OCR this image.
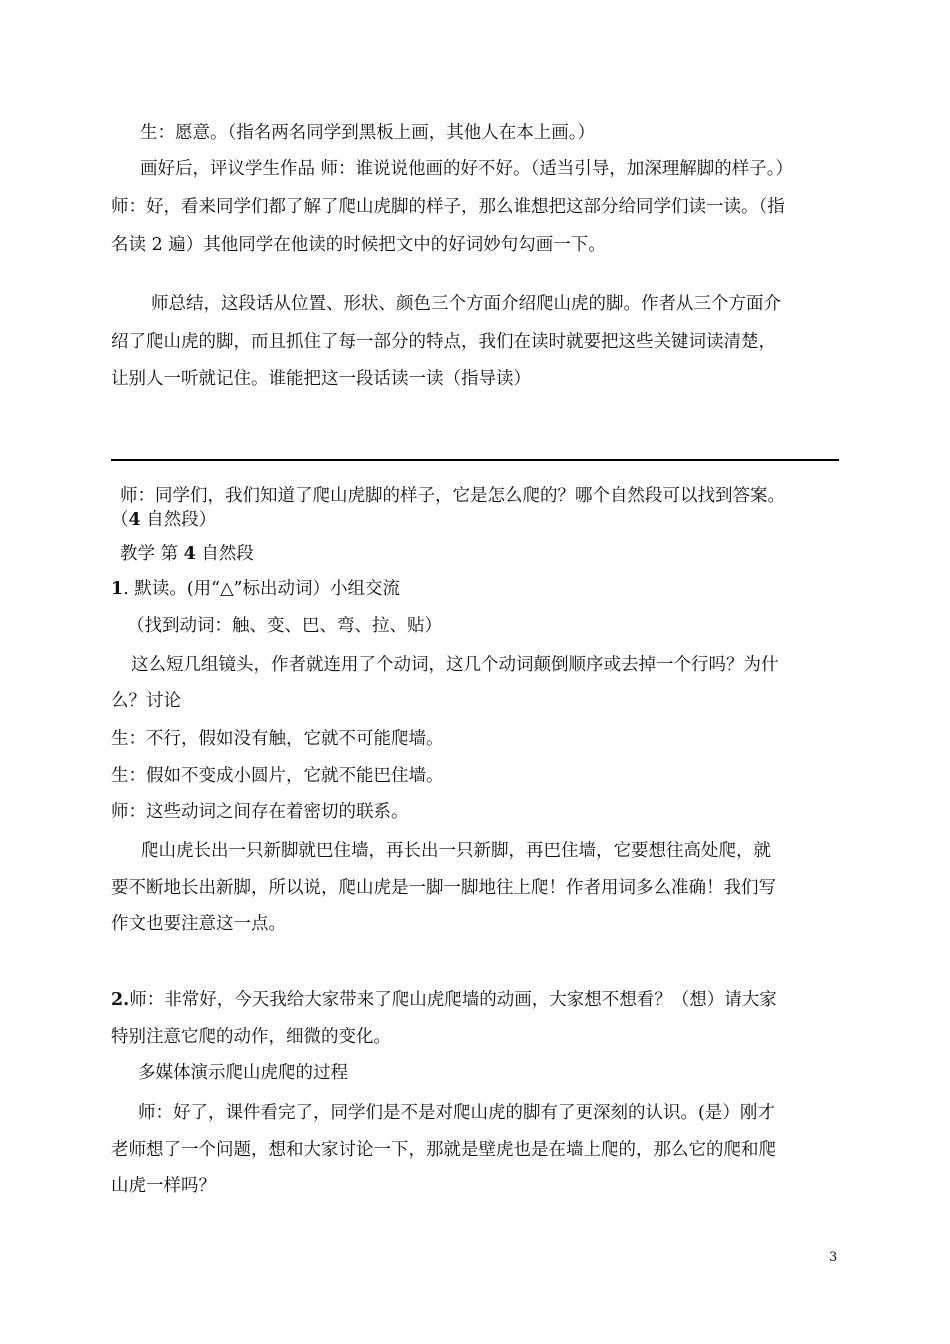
生：愿意。（指名两名同学到黑板上画，其他人在本上画。）
画好后，评议学生作品 师：谁说说他画的好不好。（适当引导，加深理解脚的样子。）
师：好，看来同学们都了解了爬山虎脚的样子，那么谁想把这部分给同学们读一读。（指
名读 2 遍）其他同学在他读的时候把文中的好词妙句勾画一下。
师总结，这段话从位置、形状、颜色三个方面介绍爬山虎的脚。作者从三个方面介
绍了爬山虎的脚，而且抓住了每一部分的特点，我们在读时就要把这些关键词读清楚，
让别人一听就记住。谁能把这一段话读一读（指导读）
师：同学们，我们知道了爬山虎脚的样子，它是怎么爬的？哪个自然段可以找到答案。
（4 自然段）
教学 第 4 自然段
1. 默读。(用“△”标出动词）小组交流
（找到动词：触、变、巴、弯、拉、贴）
这么短几组镜头，作者就连用了个动词，这几个动词颠倒顺序或去掉一个行吗？为什
么？讨论
生：不行，假如没有触，它就不可能爬墙。
生：假如不变成小圆片，它就不能巴住墙。
师：这些动词之间存在着密切的联系。
爬山虎长出一只新脚就巴住墙，再长出一只新脚，再巴住墙，它要想往高处爬，就
要不断地长出新脚，所以说，爬山虎是一脚一脚地往上爬！作者用词多么准确！我们写
作文也要注意这一点。
2.师：非常好，今天我给大家带来了爬山虎爬墙的动画，大家想不想看？（想）请大家
特别注意它爬的动作，细微的变化。
多媒体演示爬山虎爬的过程
师：好了，课件看完了，同学们是不是对爬山虎的脚有了更深刻的认识。(是）刚才
老师想了一个问题，想和大家讨论一下，那就是壁虎也是在墙上爬的，那么它的爬和爬
山虎一样吗？
3
